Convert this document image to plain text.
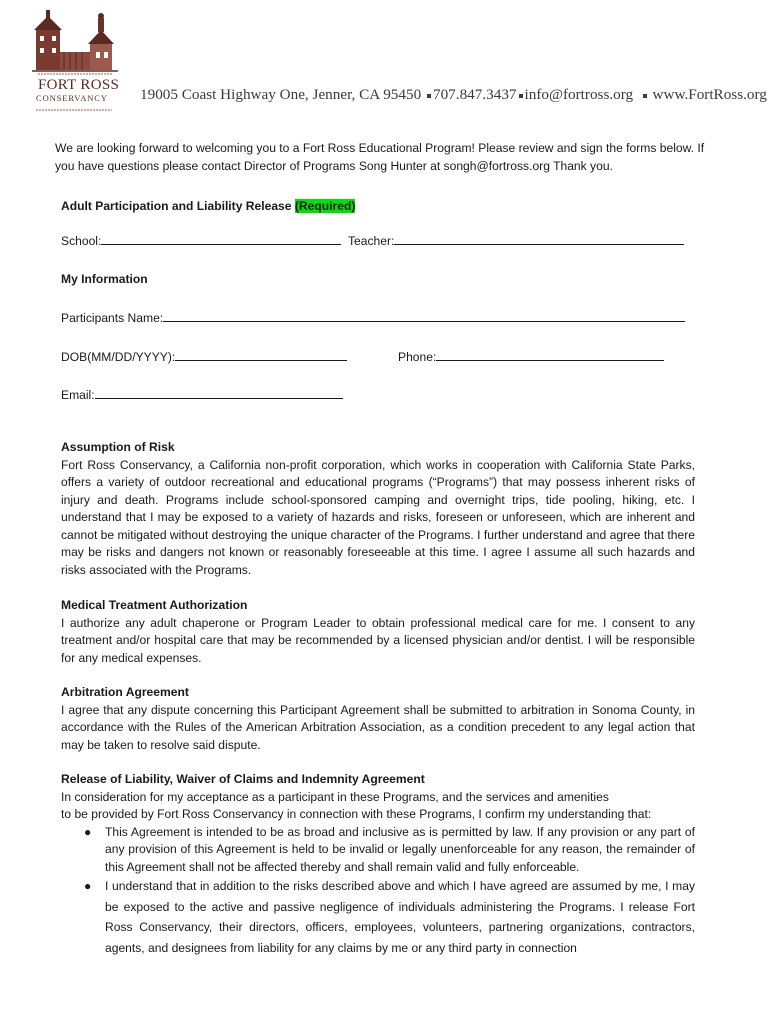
FORT ROSS
CONSERVANCY 19005 Coast Highway One, Jenner, CA 95450 707.847.3437 info@fortross.org www.FortRoss.org
We are looking forward to welcoming you to a Fort Ross Educational Program! Please review and sign the forms below. If you have questions please contact Director of Programs Song Hunter at songh@fortross.org Thank you.
Adult Participation and Liability Release (Required)
School:	Teacher:
My Information
Participants Name:
DOB(MM/DD/YYYY):	Phone:
Email:
Assumption of Risk
Fort Ross Conservancy, a California non-profit corporation, which works in cooperation with California State Parks, offers a variety of outdoor recreational and educational programs (“Programs”) that may possess inherent risks of injury and death. Programs include school-sponsored camping and overnight trips, tide pooling, hiking, etc. I understand that I may be exposed to a variety of hazards and risks, foreseen or unforeseen, which are inherent and cannot be mitigated without destroying the unique character of the Programs. I further understand and agree that there may be risks and dangers not known or reasonably foreseeable at this time. I agree I assume all such hazards and risks associated with the Programs.
Medical Treatment Authorization
I authorize any adult chaperone or Program Leader to obtain professional medical care for me. I consent to any treatment and/or hospital care that may be recommended by a licensed physician and/or dentist. I will be responsible for any medical expenses.
Arbitration Agreement
I agree that any dispute concerning this Participant Agreement shall be submitted to arbitration in Sonoma County, in accordance with the Rules of the American Arbitration Association, as a condition precedent to any legal action that may be taken to resolve said dispute.
Release of Liability, Waiver of Claims and Indemnity Agreement
In consideration for my acceptance as a participant in these Programs, and the services and amenities
to be provided by Fort Ross Conservancy in connection with these Programs, I confirm my understanding that:
● This Agreement is intended to be as broad and inclusive as is permitted by law. If any provision or any part of any provision of this Agreement is held to be invalid or legally unenforceable for any reason, the remainder of this Agreement shall not be affected thereby and shall remain valid and fully enforceable.
● I understand that in addition to the risks described above and which I have agreed are assumed by me, I may be exposed to the active and passive negligence of individuals administering the Programs. I release Fort Ross Conservancy, their directors, officers, employees, volunteers, partnering organizations, contractors, agents, and designees from liability for any claims by me or any third party in connection
